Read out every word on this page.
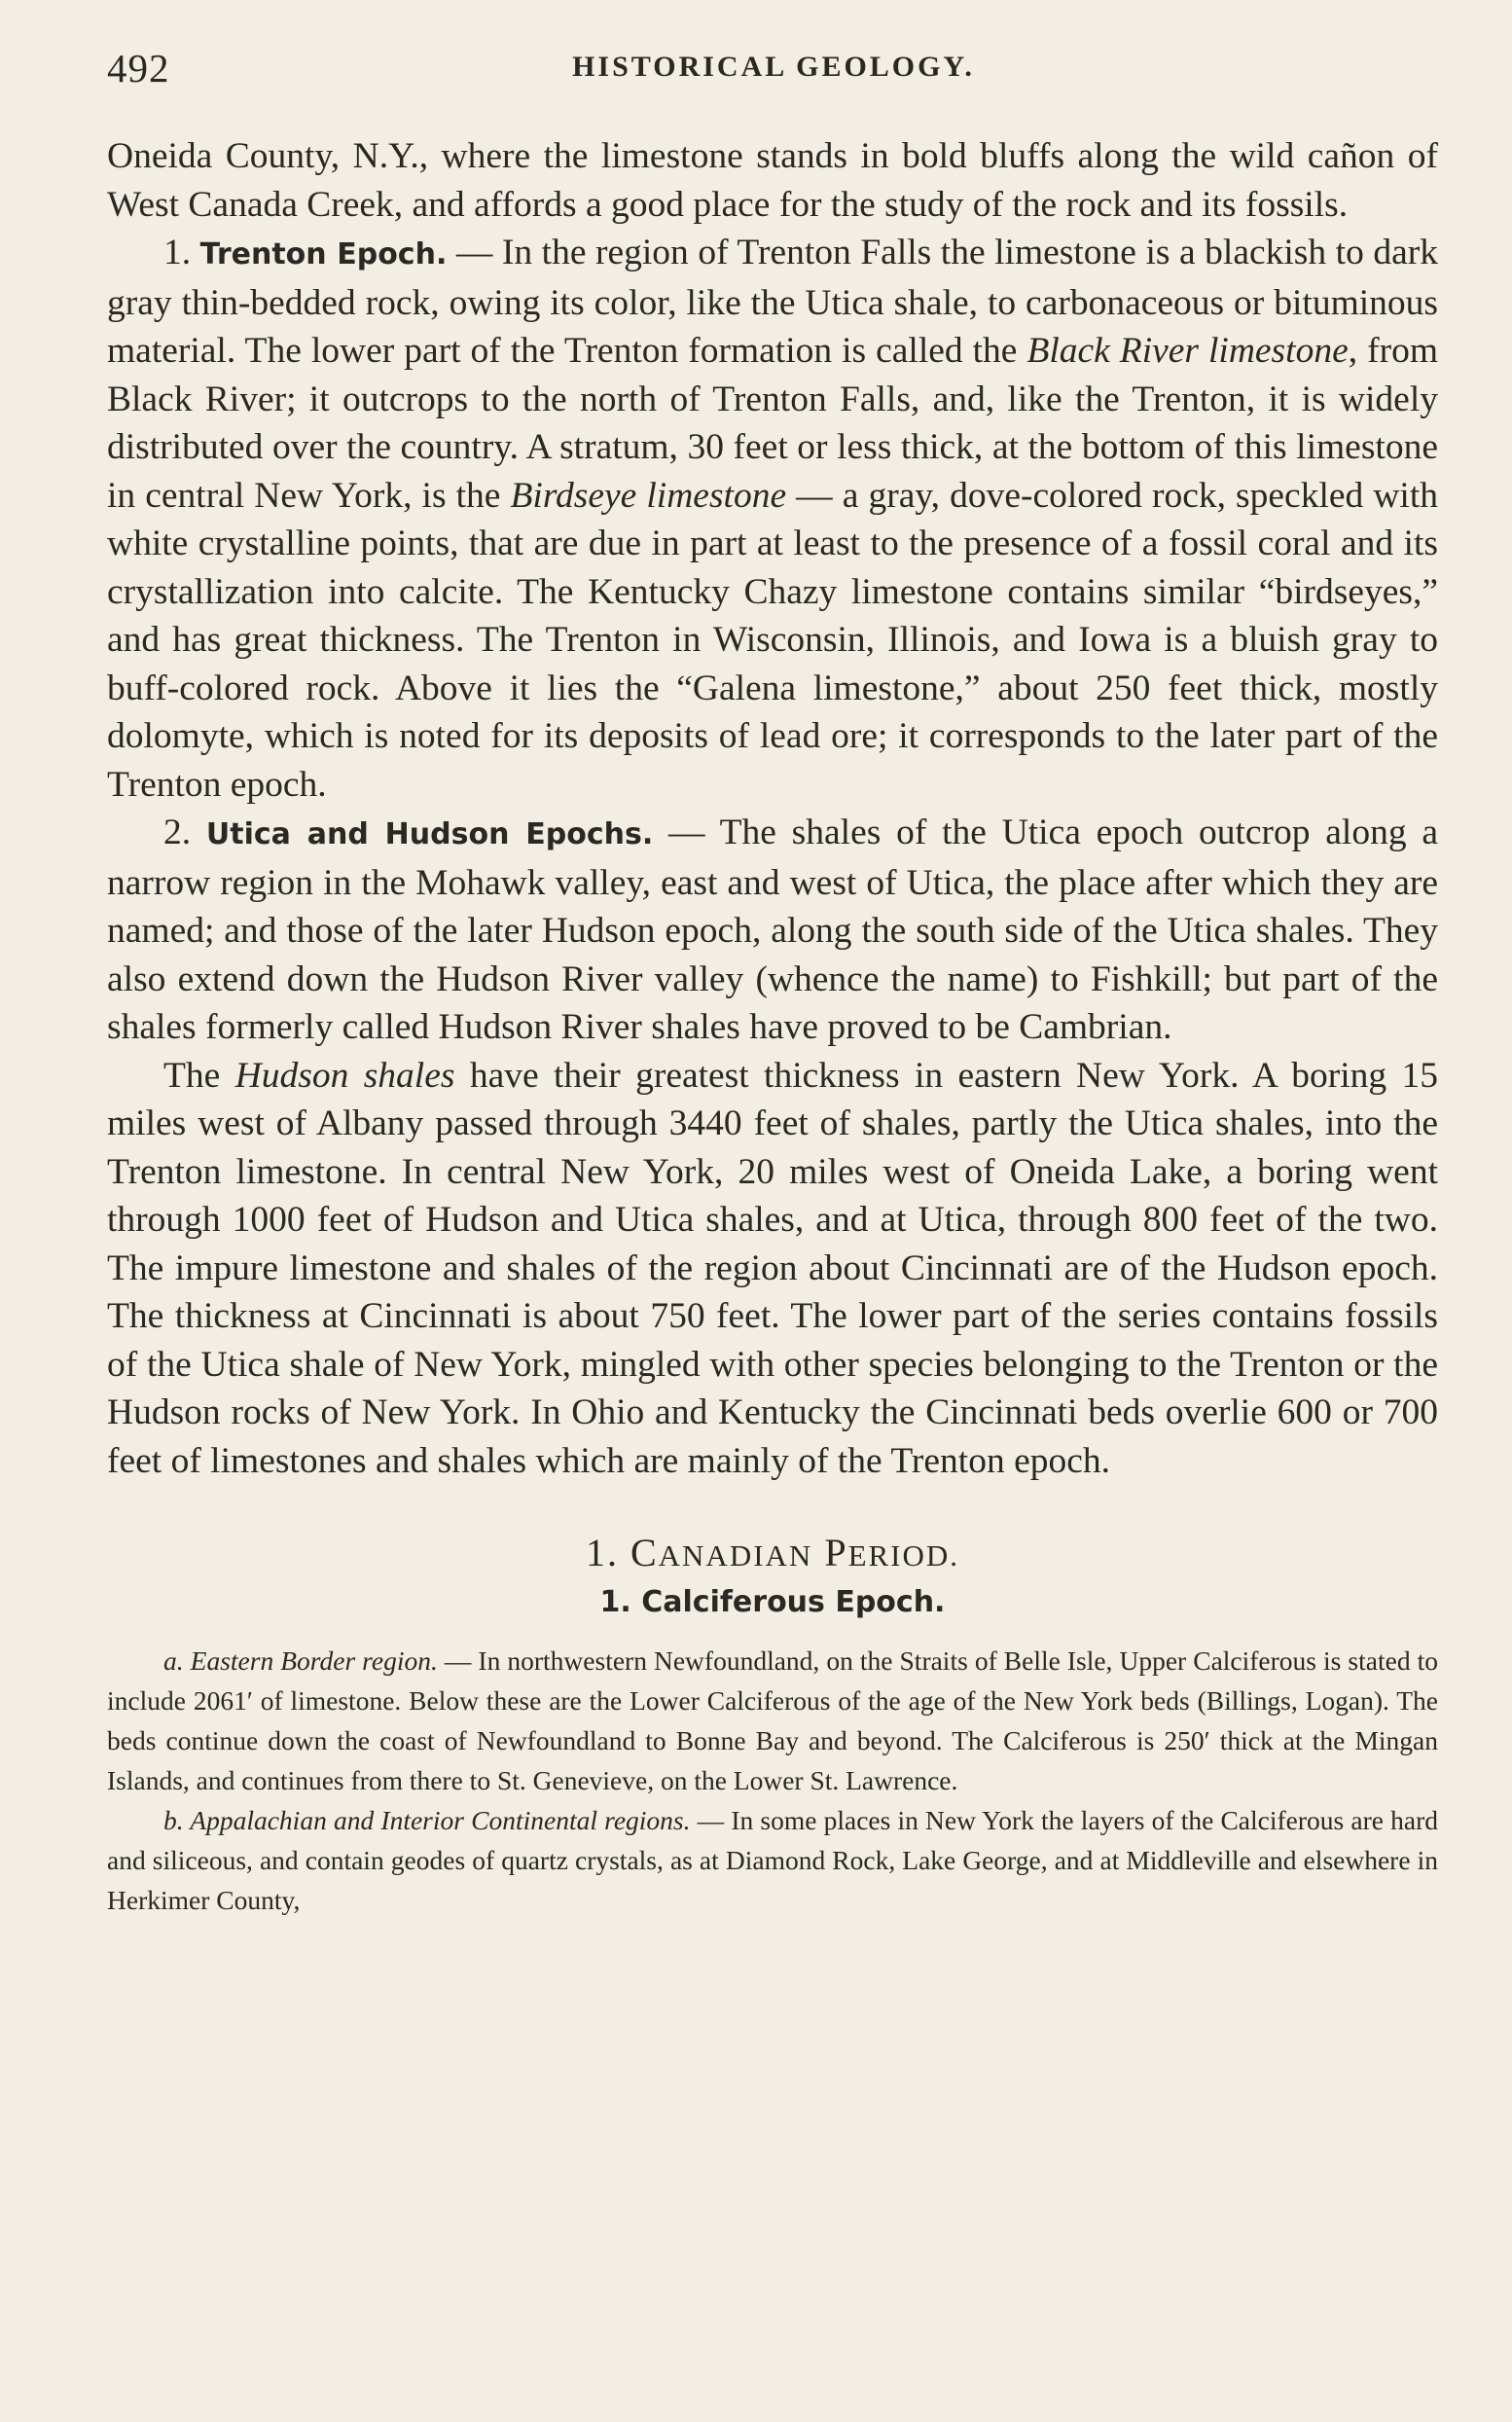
492	HISTORICAL GEOLOGY.

Oneida County, N.Y., where the limestone stands in bold bluffs along the wild cañon of West Canada Creek, and affords a good place for the study of the rock and its fossils.

1. Trenton Epoch. — In the region of Trenton Falls the limestone is a blackish to dark gray thin-bedded rock, owing its color, like the Utica shale, to carbonaceous or bituminous material. The lower part of the Trenton formation is called the Black River limestone, from Black River; it outcrops to the north of Trenton Falls, and, like the Trenton, it is widely distributed over the country. A stratum, 30 feet or less thick, at the bottom of this limestone in central New York, is the Birdseye limestone — a gray, dove-colored rock, speckled with white crystalline points, that are due in part at least to the presence of a fossil coral and its crystallization into calcite. The Kentucky Chazy limestone contains similar “birdseyes,” and has great thickness. The Trenton in Wisconsin, Illinois, and Iowa is a bluish gray to buff-colored rock. Above it lies the “Galena limestone,” about 250 feet thick, mostly dolomyte, which is noted for its deposits of lead ore; it corresponds to the later part of the Trenton epoch.

2. Utica and Hudson Epochs. — The shales of the Utica epoch outcrop along a narrow region in the Mohawk valley, east and west of Utica, the place after which they are named; and those of the later Hudson epoch, along the south side of the Utica shales. They also extend down the Hudson River valley (whence the name) to Fishkill; but part of the shales formerly called Hudson River shales have proved to be Cambrian.

The Hudson shales have their greatest thickness in eastern New York. A boring 15 miles west of Albany passed through 3440 feet of shales, partly the Utica shales, into the Trenton limestone. In central New York, 20 miles west of Oneida Lake, a boring went through 1000 feet of Hudson and Utica shales, and at Utica, through 800 feet of the two. The impure limestone and shales of the region about Cincinnati are of the Hudson epoch. The thickness at Cincinnati is about 750 feet. The lower part of the series contains fossils of the Utica shale of New York, mingled with other species belonging to the Trenton or the Hudson rocks of New York. In Ohio and Kentucky the Cincinnati beds overlie 600 or 700 feet of limestones and shales which are mainly of the Trenton epoch.

1. CANADIAN PERIOD.
1. Calciferous Epoch.

a. Eastern Border region. — In northwestern Newfoundland, on the Straits of Belle Isle, Upper Calciferous is stated to include 2061′ of limestone. Below these are the Lower Calciferous of the age of the New York beds (Billings, Logan). The beds continue down the coast of Newfoundland to Bonne Bay and beyond. The Calciferous is 250′ thick at the Mingan Islands, and continues from there to St. Genevieve, on the Lower St. Lawrence.

b. Appalachian and Interior Continental regions. — In some places in New York the layers of the Calciferous are hard and siliceous, and contain geodes of quartz crystals, as at Diamond Rock, Lake George, and at Middleville and elsewhere in Herkimer County,
